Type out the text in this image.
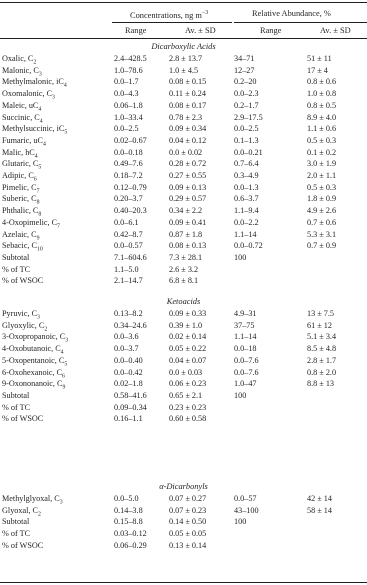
Concentrations, ng $m^{-3}$	Relative Abundance, %
Range	Av. ± SD	Range	Av. ± SD
Dicarboxylic Acids
Oxalic, $C_2$	2.4–428.5	2.8 ± 13.7	34–71	51 ± 11
Malonic, $C_3$	1.0–78.6	1.0 ± 4.5	12–27	17 ± 4
Methylmalonic, $iC_4$	0.0–1.7	0.08 ± 0.15	0.2–20	0.8 ± 0.6
Oxomalonic, $C_3$	0.0–4.3	0.11 ± 0.24	0.0–2.3	1.0 ± 0.8
Maleic, $uC_4$	0.06–1.8	0.08 ± 0.17	0.2–1.7	0.8 ± 0.5
Succinic, $C_4$	1.0–33.4	0.78 ± 2.3	2.9–17.5	8.9 ± 4.0
Methylsuccinic, $iC_5$	0.0–2.5	0.09 ± 0.34	0.0–2.5	1.1 ± 0.6
Fumaric, $uC_4$	0.02–0.67	0.04 ± 0.12	0.1–1.3	0.5 ± 0.3
Malic, $hC_4$	0.0–0.18	0.0 ± 0.02	0.0–0.21	0.1 ± 0.2
Glutaric, $C_5$	0.49–7.6	0.28 ± 0.72	0.7–6.4	3.0 ± 1.9
Adipic, $C_6$	0.18–7.2	0.27 ± 0.55	0.3–4.9	2.0 ± 1.1
Pimelic, $C_7$	0.12–0.79	0.09 ± 0.13	0.0–1.3	0.5 ± 0.3
Suberic, $C_8$	0.20–3.7	0.29 ± 0.57	0.6–3.7	1.8 ± 0.9
Phthalic, $C_8$	0.40–20.3	0.34 ± 2.2	1.1–9.4	4.9 ± 2.6
4-Oxopimelic, $C_7$	0.0–6.1	0.09 ± 0.41	0.0–2.2	0.7 ± 0.6
Azelaic, $C_9$	0.42–8.7	0.87 ± 1.8	1.1–14	5.3 ± 3.1
Sebacic, $C_{10}$	0.0–0.57	0.08 ± 0.13	0.0–0.72	0.7 ± 0.9
Subtotal	7.1–604.6	7.3 ± 28.1	100
% of TC	1.1–5.0	2.6 ± 3.2
% of WSOC	2.1–14.7	6.8 ± 8.1
Ketoacids
Pyruvic, $C_3$	0.13–8.2	0.09 ± 0.33	4.9–31	13 ± 7.5
Glyoxylic, $C_2$	0.34–24.6	0.39 ± 1.0	37–75	61 ± 12
3-Oxopropanoic, $C_3$	0.0–3.6	0.02 ± 0.14	1.1–14	5.1 ± 3.4
4-Oxobutanoic, $C_4$	0.0–3.7	0.05 ± 0.22	0.0–18	8.5 ± 4.8
5-Oxopentanoic, $C_5$	0.0–0.40	0.04 ± 0.07	0.0–7.6	2.8 ± 1.7
6-Oxohexanoic, $C_6$	0.0–0.42	0.0 ± 0.03	0.0–7.6	0.8 ± 2.0
9-Oxononanoic, $C_9$	0.02–1.8	0.06 ± 0.23	1.0–47	8.8 ± 13
Subtotal	0.58–41.6	0.65 ± 2.1	100
% of TC	0.09–0.34	0.23 ± 0.23
% of WSOC	0.16–1.1	0.60 ± 0.58
α-Dicarbonyls
Methylglyoxal, $C_3$	0.0–5.0	0.07 ± 0.27	0.0–57	42 ± 14
Glyoxal, $C_2$	0.14–3.8	0.07 ± 0.23	43–100	58 ± 14
Subtotal	0.15–8.8	0.14 ± 0.50	100
% of TC	0.03–0.12	0.05 ± 0.05
% of WSOC	0.06–0.29	0.13 ± 0.14
